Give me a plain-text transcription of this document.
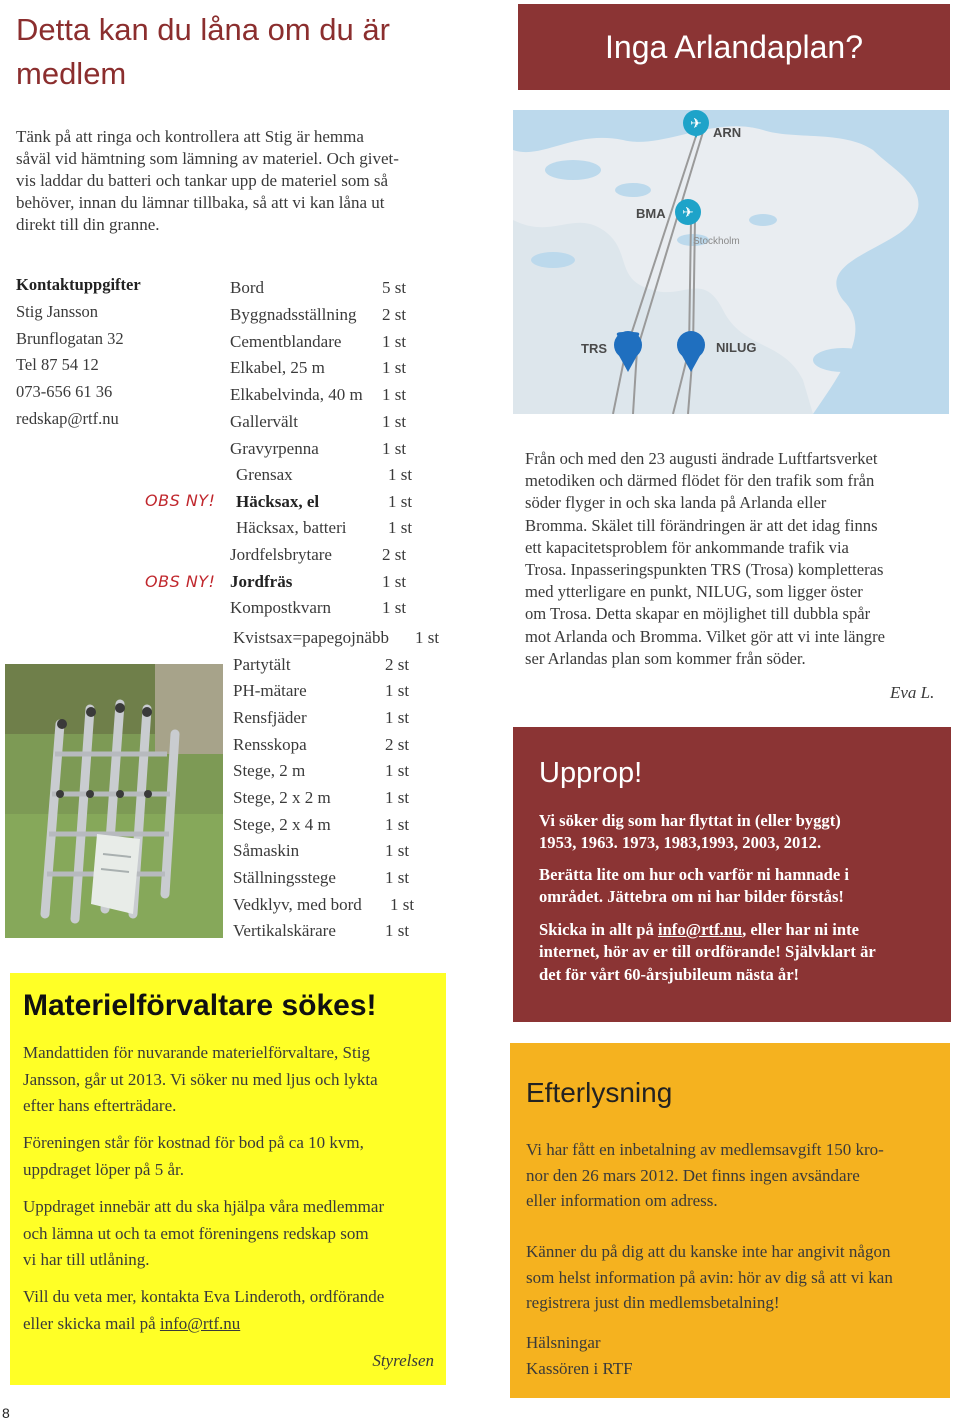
Detta kan du låna om du är
medlem
Tänk på att ringa och kontrollera att Stig är hemma
såväl vid hämtning som lämning av materiel. Och givet-
vis laddar du batteri och tankar upp de materiel som så
behöver, innan du lämnar tillbaka, så att vi kan låna ut
direkt till din granne.
Inga Arlandaplan?
✈
ARN
✈
BMA
Stockholm
TRS	NILUG
Kontaktuppgifter
Stig Jansson
Brunflogatan 32
Tel 87 54 12
073-656 61 36
redskap@rtf.nu
Bord	5 st
Byggnadsställning 2 st
Cementblandare 1 st
Elkabel, 25 m	1 st
Elkabelvinda, 40 m 1 st
Gallervält	1 st
Gravyrpenna	1 st
Grensax	1 st
OBS NY! Häcksax, el	1 st
Häcksax, batteri 1 st
Jordfelsbrytare	2 st
OBS NY! Jordfräs	1 st
Kompostkvarn	1 st
Kvistsax=papegojnäbb 1 st
Partytält	2 st
PH-mätare	1 st
Rensfjäder	1 st
Rensskopa	2 st
Stege, 2 m	1 st
Stege, 2 x 2 m	1 st
Stege, 2 x 4 m	1 st
Såmaskin	1 st
Ställningsstege	1 st
Vedklyv, med bord 1 st
Vertikalskärare	1 st
Från och med den 23 augusti ändrade Luftfartsverket
metodiken och därmed flödet för den trafik som från
söder flyger in och ska landa på Arlanda eller
Bromma. Skälet till förändringen är att det idag finns
ett kapacitetsproblem för ankommande trafik via
Trosa. Inpasseringspunkten TRS (Trosa) kompletteras
med ytterligare en punkt, NILUG, som ligger öster
om Trosa. Detta skapar en möjlighet till dubbla spår
mot Arlanda och Bromma. Vilket gör att vi inte längre
ser Arlandas plan som kommer från söder.
Eva L.
Upprop!
Vi söker dig som har flyttat in (eller byggt)
1953, 1963. 1973, 1983,1993, 2003, 2012.
Berätta lite om hur och varför ni hamnade i
området. Jättebra om ni har bilder förstås!
Skicka in allt på info@rtf.nu, eller har ni inte
internet, hör av er till ordförande! Självklart är
det för vårt 60-årsjubileum nästa år!
Materielförvaltare sökes!
Mandattiden för nuvarande materielförvaltare, Stig
Jansson, går ut 2013. Vi söker nu med ljus och lykta
efter hans efterträdare.
Föreningen står för kostnad för bod på ca 10 kvm,
uppdraget löper på 5 år.
Uppdraget innebär att du ska hjälpa våra medlemmar
och lämna ut och ta emot föreningens redskap som
vi har till utlåning.
Vill du veta mer, kontakta Eva Linderoth, ordförande
eller skicka mail på info@rtf.nu
Styrelsen
Efterlysning
Vi har fått en inbetalning av medlemsavgift 150 kro-
nor den 26 mars 2012. Det finns ingen avsändare
eller information om adress.
Känner du på dig att du kanske inte har angivit någon
som helst information på avin: hör av dig så att vi kan
registrera just din medlemsbetalning!
Hälsningar
Kassören i RTF
8
